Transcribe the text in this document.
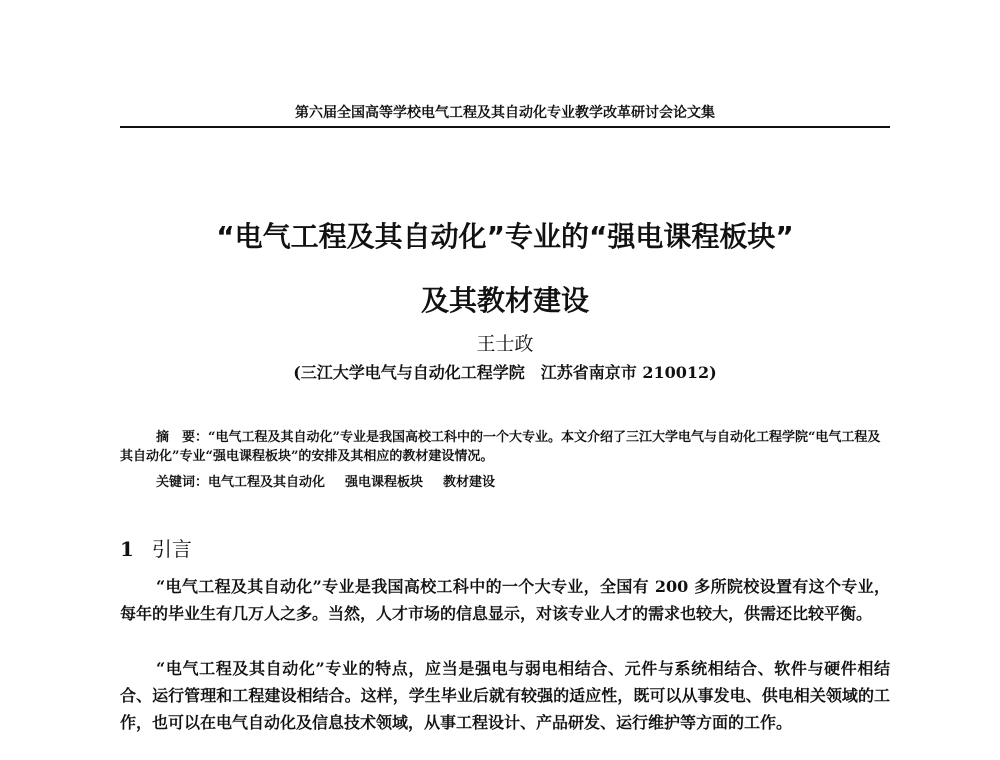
第六届全国高等学校电气工程及其自动化专业教学改革研讨会论文集
“电气工程及其自动化”专业的“强电课程板块”
及其教材建设
王士政
(三江大学电气与自动化工程学院　江苏省南京市 210012)
摘　要：“电气工程及其自动化”专业是我国高校工科中的一个大专业。本文介绍了三江大学电气与自动化工程学院“电气工程及其自动化”专业“强电课程板块”的安排及其相应的教材建设情况。
关键词：电气工程及其自动化 强电课程板块 教材建设
1 引言
“电气工程及其自动化”专业是我国高校工科中的一个大专业，全国有 200 多所院校设置有这个专业，每年的毕业生有几万人之多。当然，人才市场的信息显示，对该专业人才的需求也较大，供需还比较平衡。
“电气工程及其自动化”专业的特点，应当是强电与弱电相结合、元件与系统相结合、软件与硬件相结合、运行管理和工程建设相结合。这样，学生毕业后就有较强的适应性，既可以从事发电、供电相关领域的工作，也可以在电气自动化及信息技术领域，从事工程设计、产品研发、运行维护等方面的工作。
